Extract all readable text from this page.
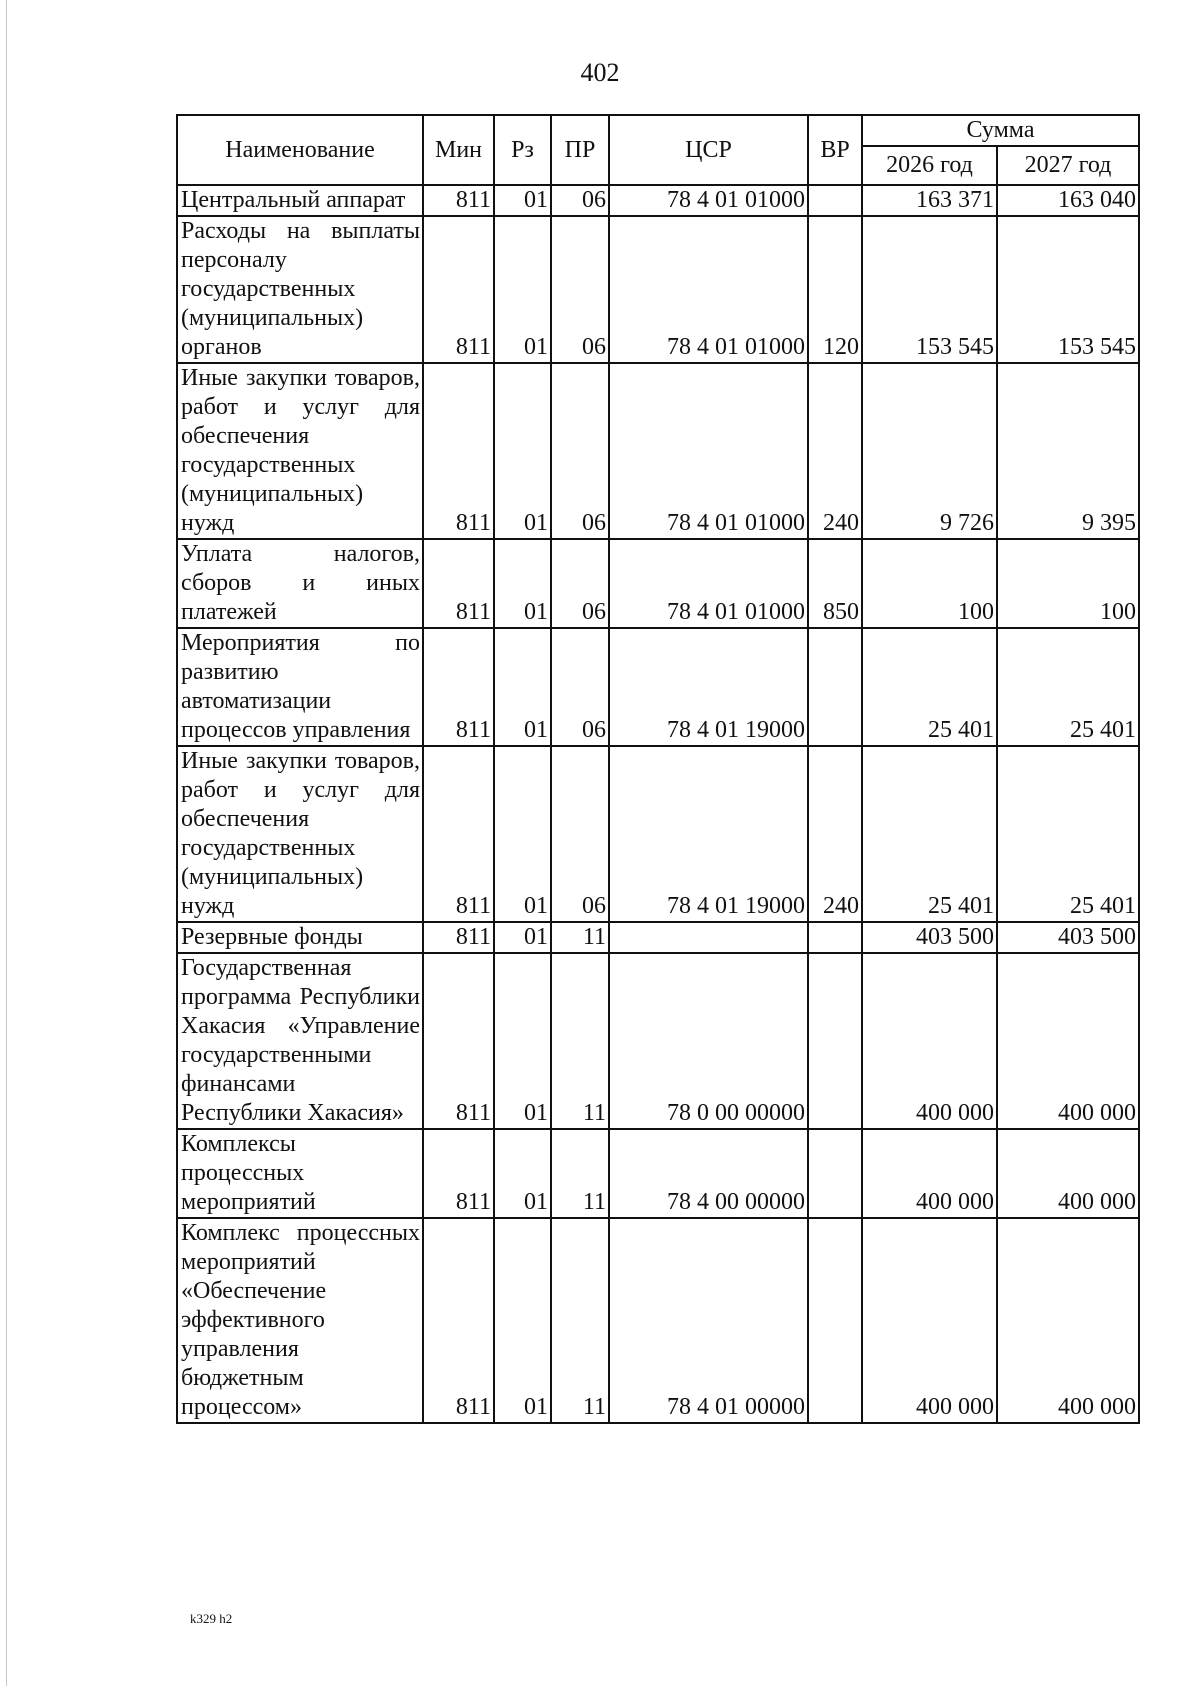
402
Наименование	Мин	Рз	ПР	ЦСР	ВР	Сумма	
						2026 год	2027 год
Центральный аппарат	811	01	06	78 4 01 01000		163 371	163 040
Расходы на выплаты персоналу государственных (муниципальных) органов	811	01	06	78 4 01 01000	120	153 545	153 545
Иные закупки товаров, работ и услуг для обеспечения государственных (муниципальных) нужд	811	01	06	78 4 01 01000	240	9 726	9 395
Уплата налогов, сборов и иных платежей	811	01	06	78 4 01 01000	850	100	100
Мероприятия по развитию автоматизации процессов управления	811	01	06	78 4 01 19000		25 401	25 401
Иные закупки товаров, работ и услуг для обеспечения государственных (муниципальных) нужд	811	01	06	78 4 01 19000	240	25 401	25 401
Резервные фонды	811	01	11			403 500	403 500
Государственная программа Республики Хакасия «Управление государственными финансами Республики Хакасия»	811	01	11	78 0 00 00000		400 000	400 000
Комплексы процессных мероприятий	811	01	11	78 4 00 00000		400 000	400 000
Комплекс процессных мероприятий «Обеспечение эффективного управления бюджетным процессом»	811	01	11	78 4 01 00000		400 000	400 000
k329 h2
